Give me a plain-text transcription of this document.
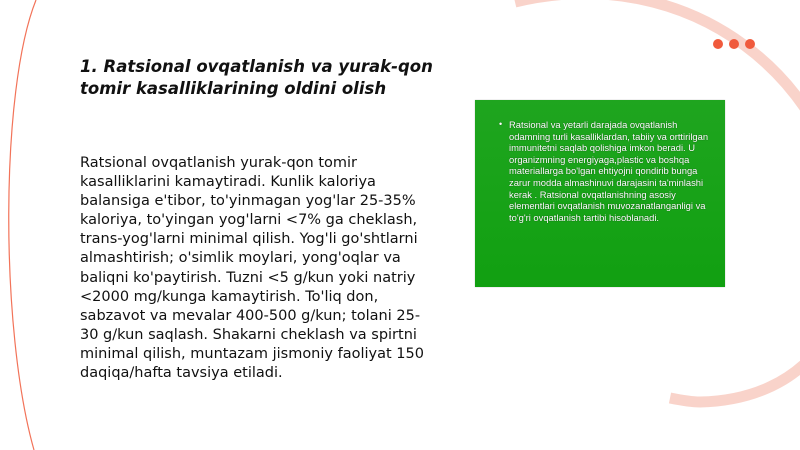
1. Ratsional ovqatlanish va yurak-qon tomir kasalliklarining oldini olish

Ratsional ovqatlanish yurak-qon tomir kasalliklarini kamaytiradi. Kunlik kaloriya balansiga e'tibor, to'yinmagan yog'lar 25-35% kaloriya, to'yingan yog'larni <7% ga cheklash, trans-yog'larni minimal qilish. Yog'li go'shtlarni almashtirish; o'simlik moylari, yong'oqlar va baliqni ko'paytirish. Tuzni <5 g/kun yoki natriy <2000 mg/kunga kamaytirish. To'liq don, sabzavot va mevalar 400-500 g/kun; tolani 25-30 g/kun saqlash. Shakarni cheklash va spirtni minimal qilish, muntazam jismoniy faoliyat 150 daqiqa/hafta tavsiya etiladi.

• Ratsional va yetarli darajada ovqatlanish odamning turli kasalliklardan, tabiiy va orttirilgan immunitetni saqlab qolishiga imkon beradi. U organizmning energiyaga,plastic va boshqa materiallarga bo'lgan ehtiyojni qondirib bunga zarur modda almashinuvi darajasini ta'minlashi kerak . Ratsional ovqatlanishning asosiy elementlari ovqatlanish muvozanatlanganligi va to'g'ri ovqatlanish tartibi hisoblanadi.
